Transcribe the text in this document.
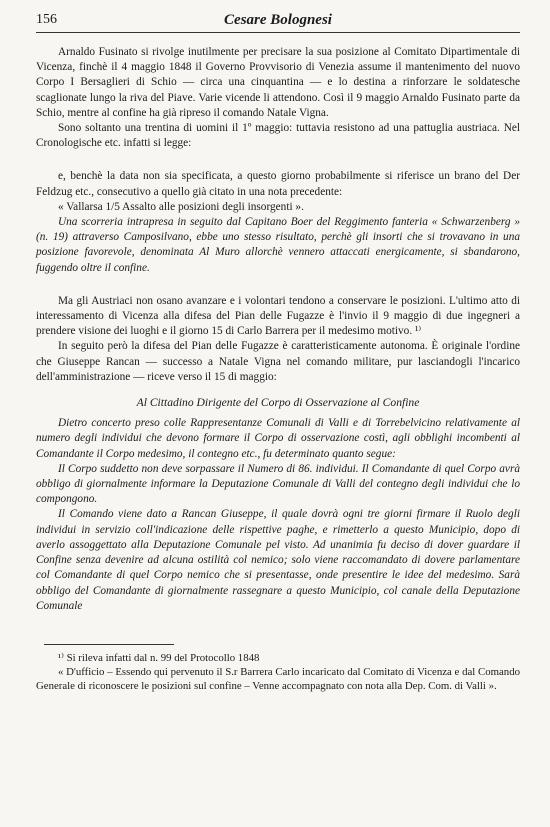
156	Cesare Bolognesi

Arnaldo Fusinato si rivolge inutilmente per precisare la sua posizione al Comitato Dipartimentale di Vicenza, finchè il 4 maggio 1848 il Governo Provvisorio di Venezia assume il mantenimento del nuovo Corpo I Bersaglieri di Schio — circa una cinquantina — e lo destina a rinforzare le soldatesche scaglionate lungo la riva del Piave. Varie vicende li attendono. Così il 9 maggio Arnaldo Fusinato parte da Schio, mentre al confine ha già ripreso il comando Natale Vigna.

Sono soltanto una trentina di uomini il 1º maggio: tuttavia resistono ad una pattuglia austriaca. Nel Cronologische etc. infatti si legge:

e, benchè la data non sia specificata, a questo giorno probabilmente si riferisce un brano del Der Feldzug etc., consecutivo a quello già citato in una nota precedente:

« Vallarsa 1/5 Assalto alle posizioni degli insorgenti ».

Una scorreria intrapresa in seguito dal Capitano Boer del Reggimento fanteria « Schwarzenberg » (n. 19) attraverso Camposilvano, ebbe uno stesso risultato, perchè gli insorti che si trovavano in una posizione favorevole, denominata Al Muro allorchè vennero attaccati energicamente, si sbandarono, fuggendo oltre il confine.

Ma gli Austriaci non osano avanzare e i volontari tendono a conservare le posizioni. L'ultimo atto di interessamento di Vicenza alla difesa del Pian delle Fugazze è l'invio il 9 maggio di due ingegneri a prendere visione dei luoghi e il giorno 15 di Carlo Barrera per il medesimo motivo. ¹⁾

In seguito però la difesa del Pian delle Fugazze è caratteristicamente autonoma. È originale l'ordine che Giuseppe Rancan — successo a Natale Vigna nel comando militare, pur lasciandogli l'incarico dell'amministrazione — riceve verso il 15 di maggio:

Al Cittadino Dirigente del Corpo di Osservazione al Confine

Dietro concerto preso colle Rappresentanze Comunali di Valli e di Torrebelvicino relativamente al numero degli individui che devono formare il Corpo di osservazione costì, agli obblighi incombenti al Comandante il Corpo medesimo, il contegno etc., fu determinato quanto segue:

Il Corpo suddetto non deve sorpassare il Numero di 86. individui. Il Comandante di quel Corpo avrà obbligo di giornalmente informare la Deputazione Comunale di Valli del contegno degli individui che lo compongono.

Il Comando viene dato a Rancan Giuseppe, il quale dovrà ogni tre giorni firmare il Ruolo degli individui in servizio coll'indicazione delle rispettive paghe, e rimetterlo a questo Municipio, dopo di averlo assoggettato alla Deputazione Comunale pel visto. Ad unanimia fu deciso di dover guardare il Confine senza devenire ad alcuna ostilità col nemico; solo viene raccomandato di dovere parlamentare col Comandante di quel Corpo nemico che si presentasse, onde presentire le idee del medesimo. Sarà obbligo del Comandante di giornalmente rassegnare a questo Municipio, col canale della Deputazione Comunale

¹⁾ Si rileva infatti dal n. 99 del Protocollo 1848

« D'ufficio – Essendo qui pervenuto il S.r Barrera Carlo incaricato dal Comitato di Vicenza e dal Comando Generale di riconoscere le posizioni sul confine – Venne accompagnato con nota alla Dep. Com. di Valli ».
